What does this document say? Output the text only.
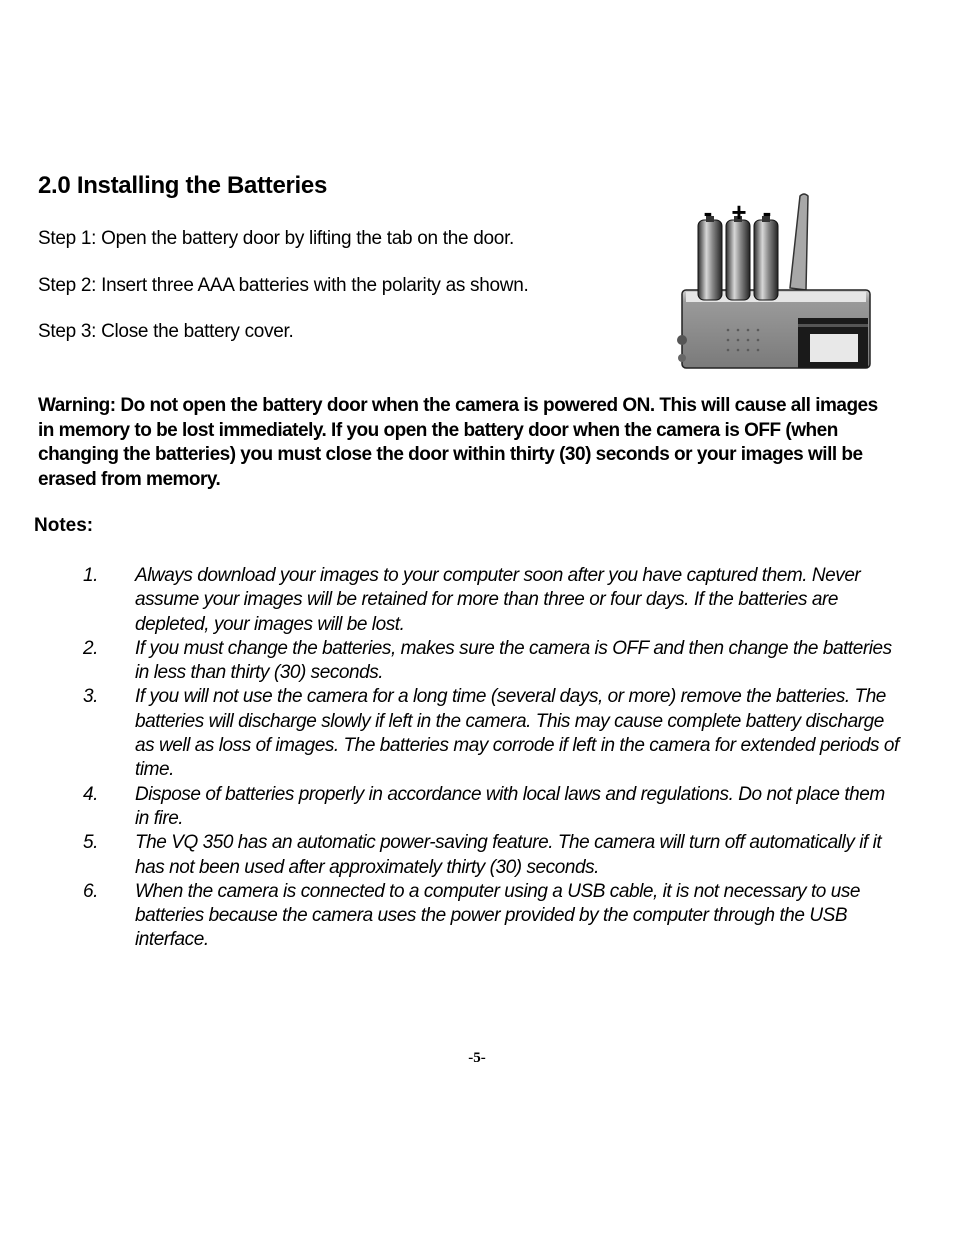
2.0 Installing the Batteries

Step 1: Open the battery door by lifting the tab on the door.

Step 2: Insert three AAA batteries with the polarity as shown.

Step 3: Close the battery cover.

- + -

Warning: Do not open the battery door when the camera is powered ON. This will cause all images in memory to be lost immediately. If you open the battery door when the camera is OFF (when changing the batteries) you must close the door within thirty (30) seconds or your images will be erased from memory.

Notes:

1.	Always download your images to your computer soon after you have captured them. Never assume your images will be retained for more than three or four days. If the batteries are depleted, your images will be lost.
2.	If you must change the batteries, makes sure the camera is OFF and then change the batteries in less than thirty (30) seconds.
3.	If you will not use the camera for a long time (several days, or more) remove the batteries. The batteries will discharge slowly if left in the camera. This may cause complete battery discharge as well as loss of images. The batteries may corrode if left in the camera for extended periods of time.
4.	Dispose of batteries properly in accordance with local laws and regulations. Do not place them in fire.
5.	The VQ 350 has an automatic power-saving feature. The camera will turn off automatically if it has not been used after approximately thirty (30) seconds.
6.	When the camera is connected to a computer using a USB cable, it is not necessary to use batteries because the camera uses the power provided by the computer through the USB interface.
-5-
